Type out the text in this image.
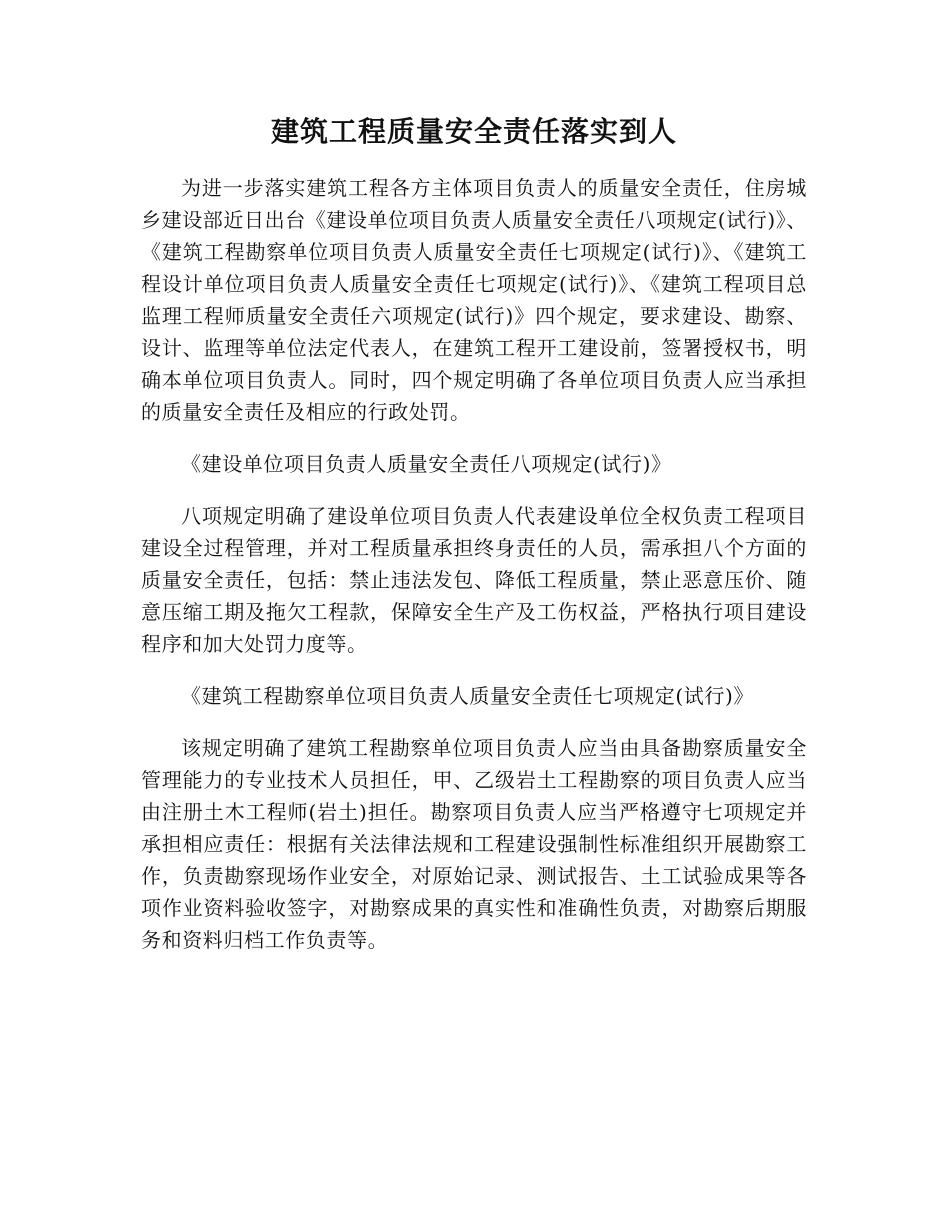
建筑工程质量安全责任落实到人

为进一步落实建筑工程各方主体项目负责人的质量安全责任，住房城乡建设部近日出台《建设单位项目负责人质量安全责任八项规定(试行)》、《建筑工程勘察单位项目负责人质量安全责任七项规定(试行)》、《建筑工程设计单位项目负责人质量安全责任七项规定(试行)》、《建筑工程项目总监理工程师质量安全责任六项规定(试行)》四个规定，要求建设、勘察、设计、监理等单位法定代表人，在建筑工程开工建设前，签署授权书，明确本单位项目负责人。同时，四个规定明确了各单位项目负责人应当承担的质量安全责任及相应的行政处罚。

《建设单位项目负责人质量安全责任八项规定(试行)》

八项规定明确了建设单位项目负责人代表建设单位全权负责工程项目建设全过程管理，并对工程质量承担终身责任的人员，需承担八个方面的质量安全责任，包括：禁止违法发包、降低工程质量，禁止恶意压价、随意压缩工期及拖欠工程款，保障安全生产及工伤权益，严格执行项目建设程序和加大处罚力度等。

《建筑工程勘察单位项目负责人质量安全责任七项规定(试行)》

该规定明确了建筑工程勘察单位项目负责人应当由具备勘察质量安全管理能力的专业技术人员担任，甲、乙级岩土工程勘察的项目负责人应当由注册土木工程师(岩土)担任。勘察项目负责人应当严格遵守七项规定并承担相应责任：根据有关法律法规和工程建设强制性标准组织开展勘察工作，负责勘察现场作业安全，对原始记录、测试报告、土工试验成果等各项作业资料验收签字，对勘察成果的真实性和准确性负责，对勘察后期服务和资料归档工作负责等。
